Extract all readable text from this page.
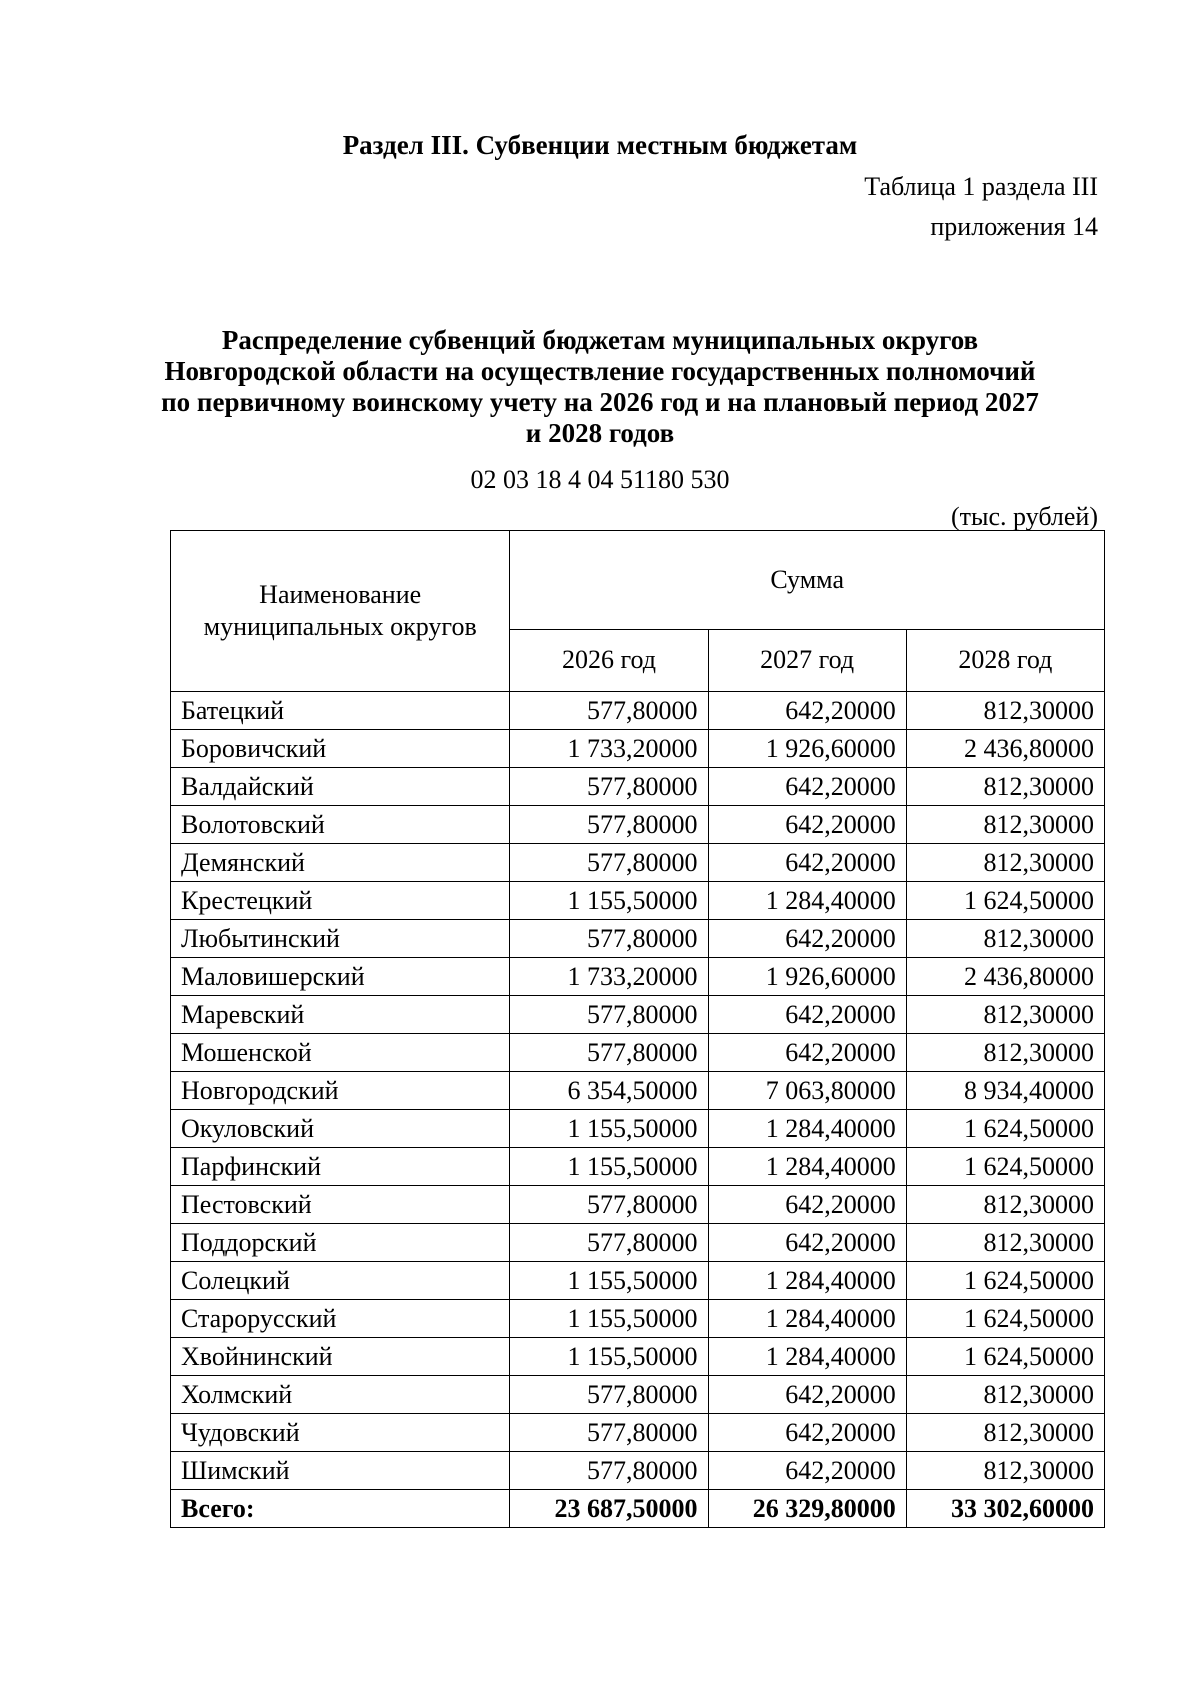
Раздел III. Субвенции местным бюджетам
Таблица 1 раздела III
приложения 14
Распределение субвенций бюджетам муниципальных округов Новгородской области на осуществление государственных полномочий по первичному воинскому учету на 2026 год и на плановый период 2027 и 2028 годов
02 03 18 4 04 51180 530
(тыс. рублей)
Наименование муниципальных округов	Сумма		
	2026 год	2027 год	2028 год
Батецкий	577,80000	642,20000	812,30000
Боровичский	1 733,20000	1 926,60000	2 436,80000
Валдайский	577,80000	642,20000	812,30000
Волотовский	577,80000	642,20000	812,30000
Демянский	577,80000	642,20000	812,30000
Крестецкий	1 155,50000	1 284,40000	1 624,50000
Любытинский	577,80000	642,20000	812,30000
Маловишерский	1 733,20000	1 926,60000	2 436,80000
Маревский	577,80000	642,20000	812,30000
Мошенской	577,80000	642,20000	812,30000
Новгородский	6 354,50000	7 063,80000	8 934,40000
Окуловский	1 155,50000	1 284,40000	1 624,50000
Парфинский	1 155,50000	1 284,40000	1 624,50000
Пестовский	577,80000	642,20000	812,30000
Поддорский	577,80000	642,20000	812,30000
Солецкий	1 155,50000	1 284,40000	1 624,50000
Старорусский	1 155,50000	1 284,40000	1 624,50000
Хвойнинский	1 155,50000	1 284,40000	1 624,50000
Холмский	577,80000	642,20000	812,30000
Чудовский	577,80000	642,20000	812,30000
Шимский	577,80000	642,20000	812,30000
Всего:	23 687,50000	26 329,80000	33 302,60000
